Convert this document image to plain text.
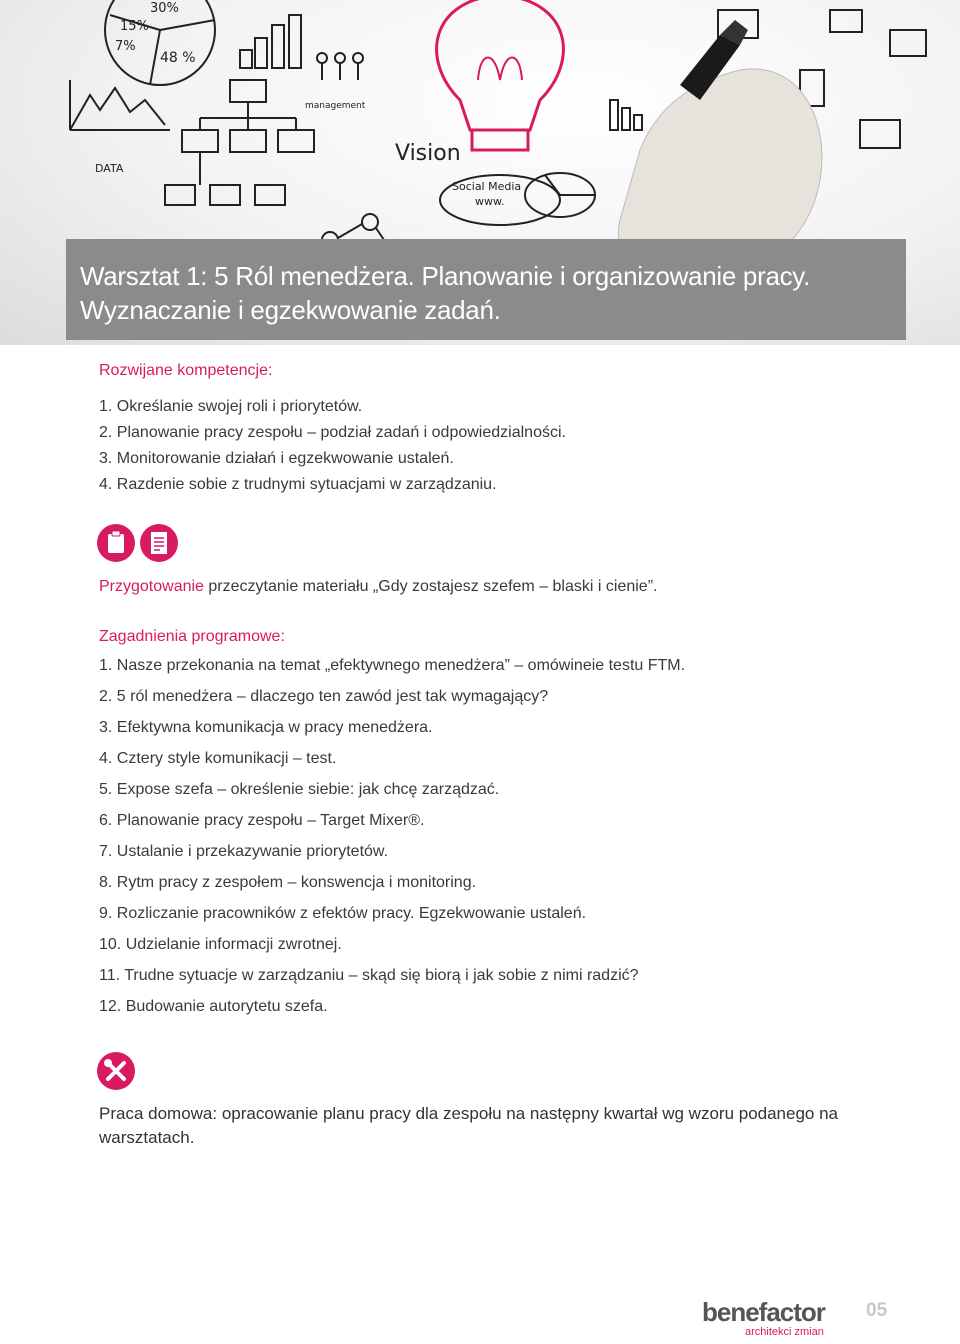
DATA
management
Vision
Social Media
www.
30%
15%
7%
48 %
Warsztat 1: 5 Ról menedżera. Planowanie i organizowanie pracy.
Wyznaczanie i egzekwowanie zadań.
Rozwijane kompetencje:
1. Określanie swojej roli i priorytetów.
2. Planowanie pracy zespołu – podział zadań i odpowiedzialności.
3. Monitorowanie działań i egzekwowanie ustaleń.
4. Razdenie sobie z trudnymi sytuacjami w zarządzaniu.
Przygotowanie przeczytanie materiału „Gdy zostajesz szefem – blaski i cienie”.
Zagadnienia programowe:
1. Nasze przekonania na temat „efektywnego menedżera” – omówineie testu FTM.
2. 5 ról menedżera – dlaczego ten zawód jest tak wymagający?
3. Efektywna komunikacja w pracy menedżera.
4. Cztery style komunikacji – test.
5. Expose szefa – określenie siebie: jak chcę zarządzać.
6. Planowanie pracy zespołu – Target Mixer®.
7. Ustalanie i przekazywanie priorytetów.
8. Rytm pracy z zespołem – konswencja i monitoring.
9. Rozliczanie pracowników z efektów pracy. Egzekwowanie ustaleń.
10. Udzielanie informacji zwrotnej.
11. Trudne sytuacje w zarządzaniu – skąd się biorą i jak sobie z nimi radzić?
12. Budowanie autorytetu szefa.
Praca domowa: opracowanie planu pracy dla zespołu na następny kwartał wg wzoru podanego na warsztatach.
benefactor
architekci zmian
05
